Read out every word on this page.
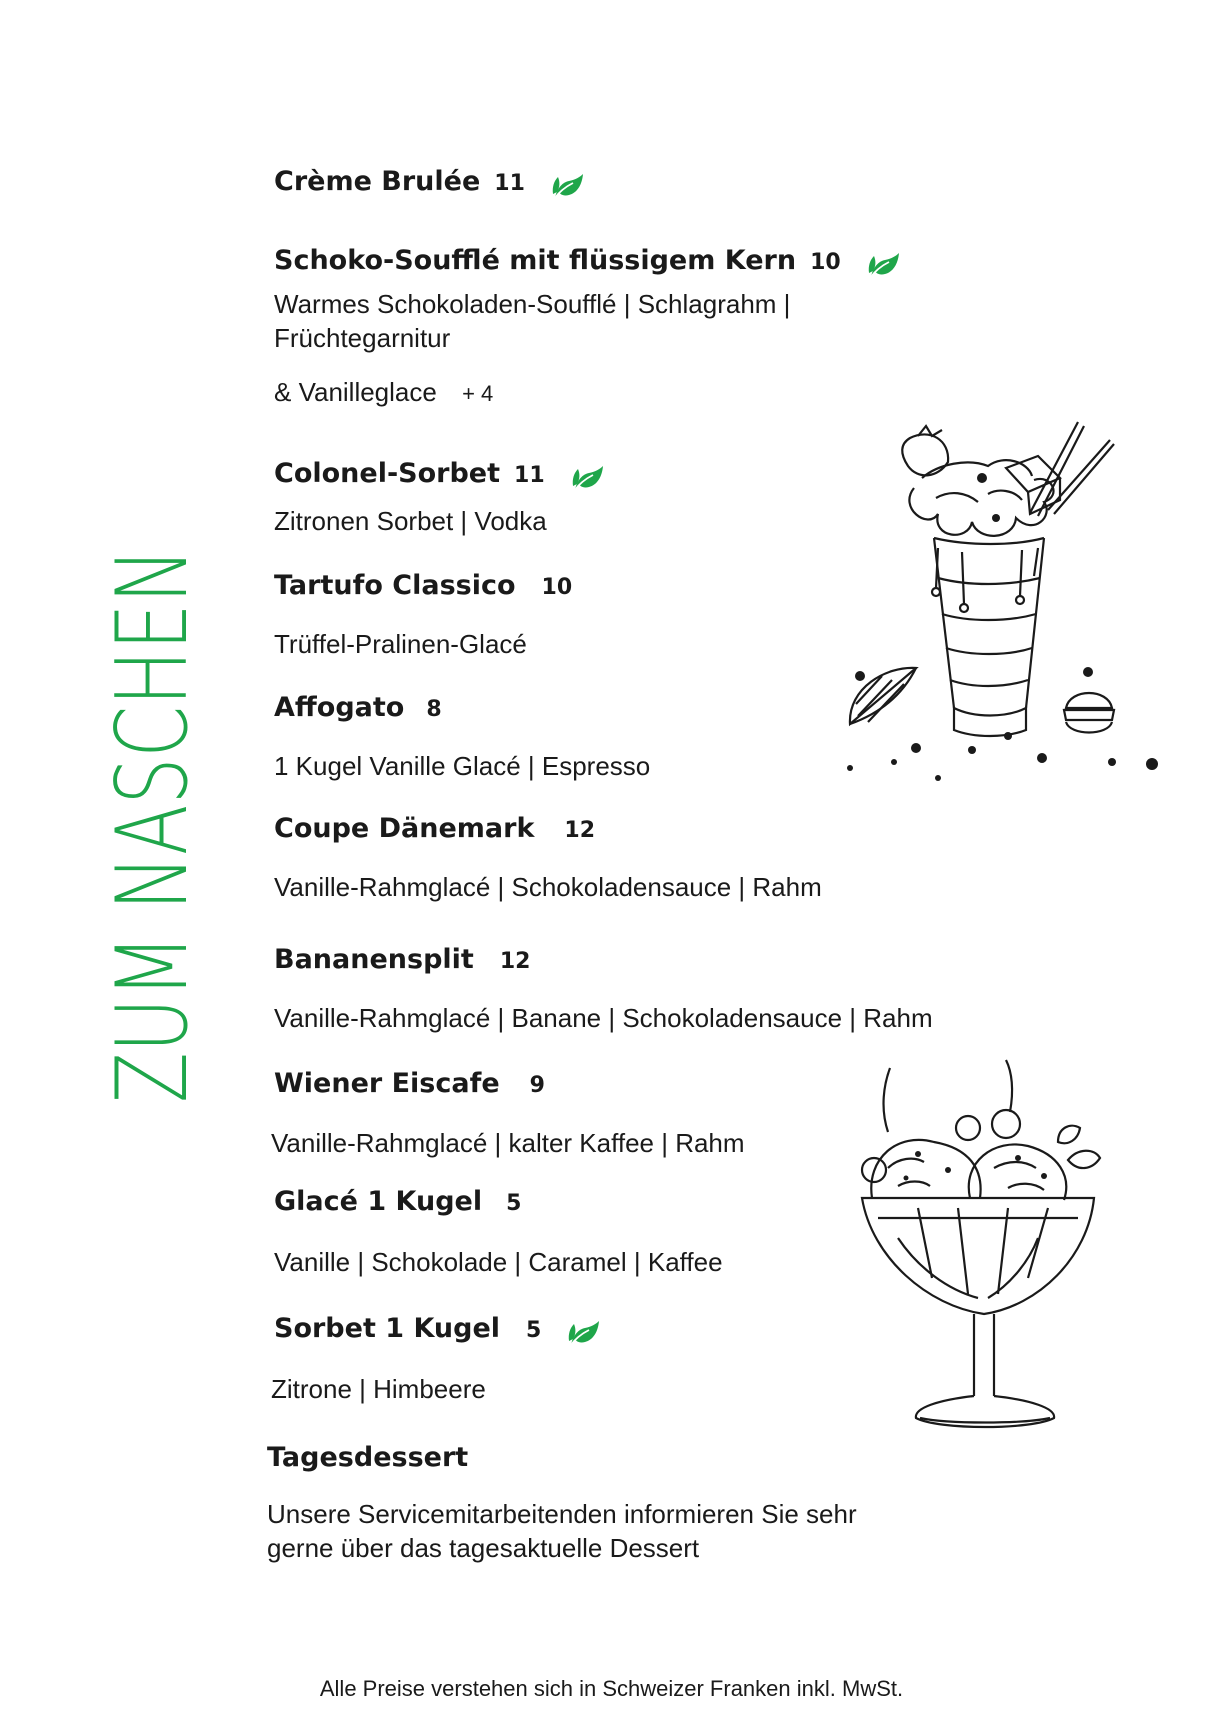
ZUM NASCHEN
Crème Brulée 11
Schoko-Soufflé mit flüssigem Kern 10
Warmes Schokoladen-Soufflé | Schlagrahm |
Früchtegarnitur
& Vanilleglace + 4
Colonel-Sorbet 11
Zitronen Sorbet | Vodka
Tartufo Classico 10
Trüffel-Pralinen-Glacé
Affogato 8
1 Kugel Vanille Glacé | Espresso
Coupe Dänemark 12
Vanille-Rahmglacé | Schokoladensauce | Rahm
Bananensplit 12
Vanille-Rahmglacé | Banane | Schokoladensauce | Rahm
Wiener Eiscafe 9
Vanille-Rahmglacé | kalter Kaffee | Rahm
Glacé 1 Kugel 5
Vanille | Schokolade | Caramel | Kaffee
Sorbet 1 Kugel 5
Zitrone | Himbeere
Tagesdessert
Unsere Servicemitarbeitenden informieren Sie sehr
gerne über das tagesaktuelle Dessert
Alle Preise verstehen sich in Schweizer Franken inkl. MwSt.
